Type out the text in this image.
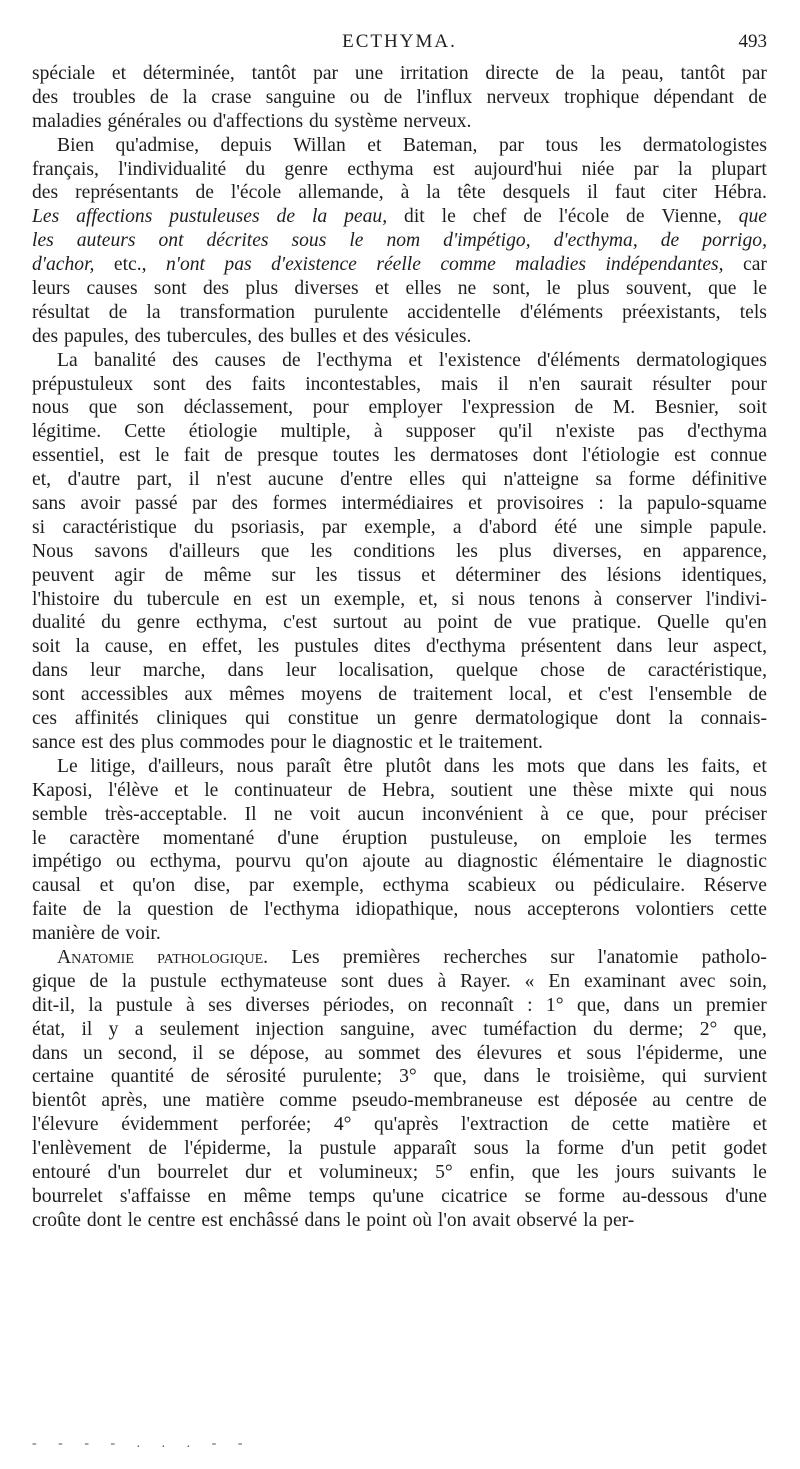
ECTHYMA.	493
spéciale et déterminée, tantôt par une irritation directe de la peau, tantôt par
des troubles de la crase sanguine ou de l'influx nerveux trophique dépendant de
maladies générales ou d'affections du système nerveux.
Bien qu'admise, depuis Willan et Bateman, par tous les dermatologistes
français, l'individualité du genre ecthyma est aujourd'hui niée par la plupart
des représentants de l'école allemande, à la tête desquels il faut citer Hébra.
Les affections pustuleuses de la peau, dit le chef de l'école de Vienne, que
les auteurs ont décrites sous le nom d'impétigo, d'ecthyma, de porrigo,
d'achor, etc., n'ont pas d'existence réelle comme maladies indépendantes, car
leurs causes sont des plus diverses et elles ne sont, le plus souvent, que le
résultat de la transformation purulente accidentelle d'éléments préexistants, tels
des papules, des tubercules, des bulles et des vésicules.
La banalité des causes de l'ecthyma et l'existence d'éléments dermatologiques
prépustuleux sont des faits incontestables, mais il n'en saurait résulter pour
nous que son déclassement, pour employer l'expression de M. Besnier, soit
légitime. Cette étiologie multiple, à supposer qu'il n'existe pas d'ecthyma
essentiel, est le fait de presque toutes les dermatoses dont l'étiologie est connue
et, d'autre part, il n'est aucune d'entre elles qui n'atteigne sa forme définitive
sans avoir passé par des formes intermédiaires et provisoires : la papulo-squame
si caractéristique du psoriasis, par exemple, a d'abord été une simple papule.
Nous savons d'ailleurs que les conditions les plus diverses, en apparence,
peuvent agir de même sur les tissus et déterminer des lésions identiques,
l'histoire du tubercule en est un exemple, et, si nous tenons à conserver l'indivi-
dualité du genre ecthyma, c'est surtout au point de vue pratique. Quelle qu'en
soit la cause, en effet, les pustules dites d'ecthyma présentent dans leur aspect,
dans leur marche, dans leur localisation, quelque chose de caractéristique,
sont accessibles aux mêmes moyens de traitement local, et c'est l'ensemble de
ces affinités cliniques qui constitue un genre dermatologique dont la connais-
sance est des plus commodes pour le diagnostic et le traitement.
Le litige, d'ailleurs, nous paraît être plutôt dans les mots que dans les faits, et
Kaposi, l'élève et le continuateur de Hebra, soutient une thèse mixte qui nous
semble très-acceptable. Il ne voit aucun inconvénient à ce que, pour préciser
le caractère momentané d'une éruption pustuleuse, on emploie les termes
impétigo ou ecthyma, pourvu qu'on ajoute au diagnostic élémentaire le diagnostic
causal et qu'on dise, par exemple, ecthyma scabieux ou pédiculaire. Réserve
faite de la question de l'ecthyma idiopathique, nous accepterons volontiers cette
manière de voir.
Anatomie pathologique. Les premières recherches sur l'anatomie patholo-
gique de la pustule ecthymateuse sont dues à Rayer. « En examinant avec soin,
dit-il, la pustule à ses diverses périodes, on reconnaît : 1° que, dans un premier
état, il y a seulement injection sanguine, avec tuméfaction du derme; 2° que,
dans un second, il se dépose, au sommet des élevures et sous l'épiderme, une
certaine quantité de sérosité purulente; 3° que, dans le troisième, qui survient
bientôt après, une matière comme pseudo-membraneuse est déposée au centre de
l'élevure évidemment perforée; 4° qu'après l'extraction de cette matière et
l'enlèvement de l'épiderme, la pustule apparaît sous la forme d'un petit godet
entouré d'un bourrelet dur et volumineux; 5° enfin, que les jours suivants le
bourrelet s'affaisse en même temps qu'une cicatrice se forme au-dessous d'une
croûte dont le centre est enchâssé dans le point où l'on avait observé la per-
- - - - . . . - -
